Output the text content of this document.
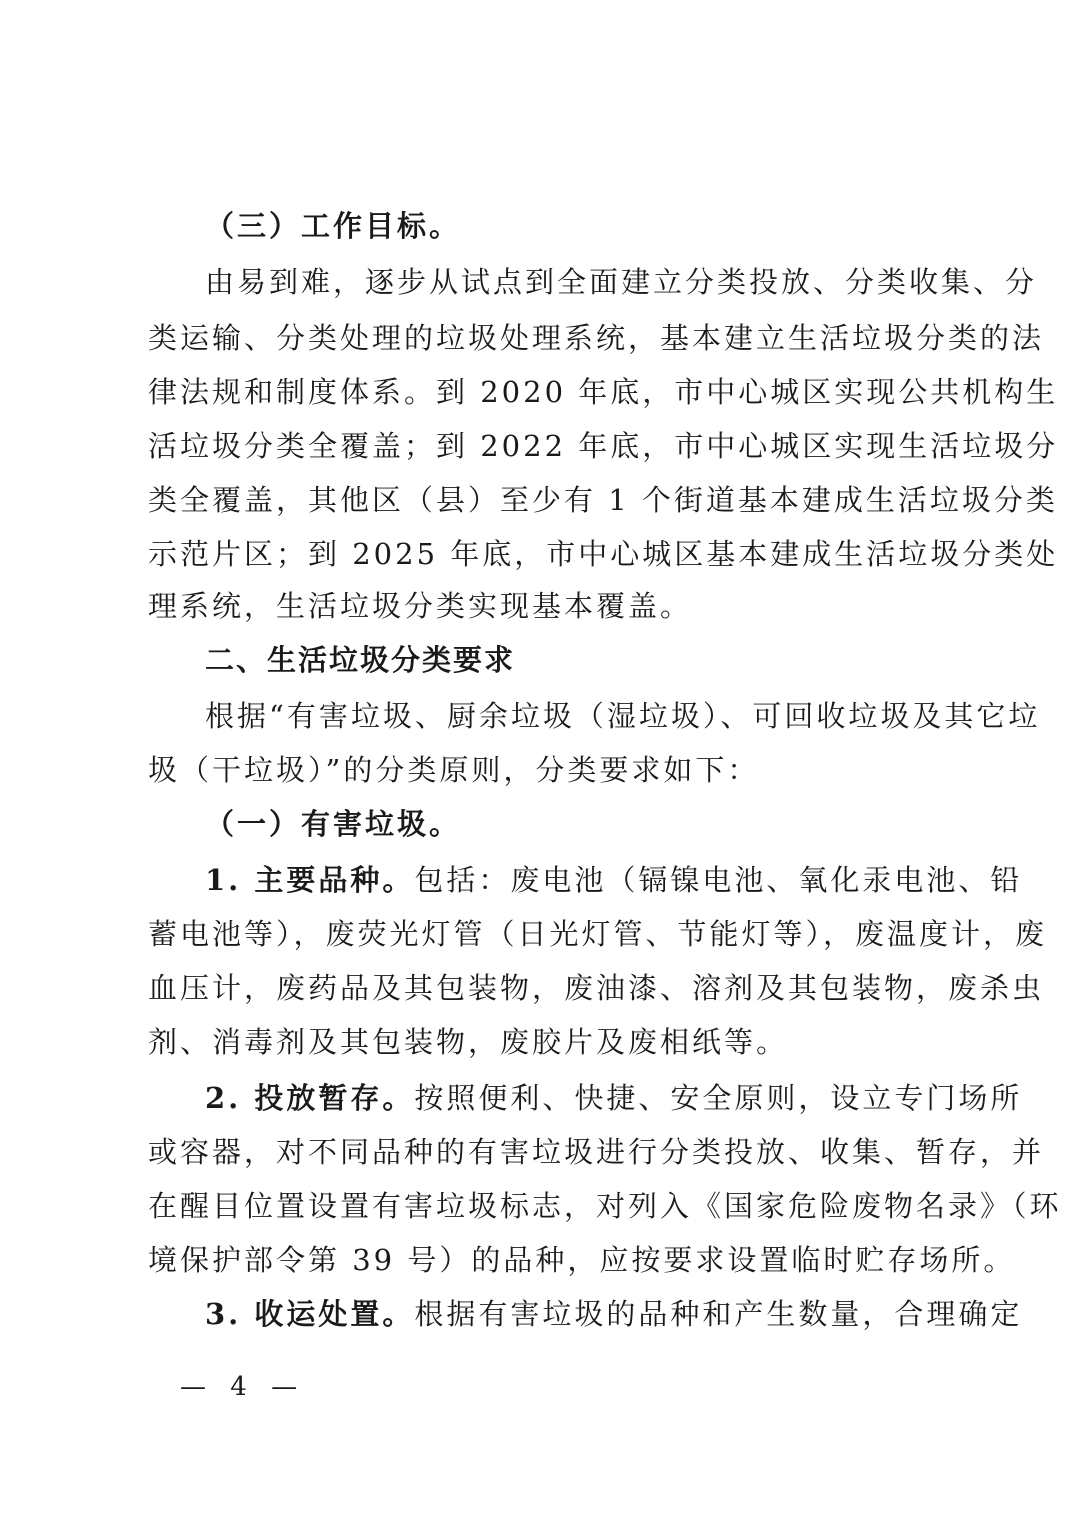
（三）工作目标。
由易到难，逐步从试点到全面建立分类投放、分类收集、分
类运输、分类处理的垃圾处理系统，基本建立生活垃圾分类的法
律法规和制度体系。到 2020 年底，市中心城区实现公共机构生
活垃圾分类全覆盖；到 2022 年底，市中心城区实现生活垃圾分
类全覆盖，其他区（县）至少有 1 个街道基本建成生活垃圾分类
示范片区；到 2025 年底，市中心城区基本建成生活垃圾分类处
理系统，生活垃圾分类实现基本覆盖。
二、生活垃圾分类要求
根据“有害垃圾、厨余垃圾（湿垃圾）、可回收垃圾及其它垃
圾（干垃圾）”的分类原则，分类要求如下：
（一）有害垃圾。
1. 主要品种。包括：废电池（镉镍电池、氧化汞电池、铅
蓄电池等），废荧光灯管（日光灯管、节能灯等），废温度计，废
血压计，废药品及其包装物，废油漆、溶剂及其包装物，废杀虫
剂、消毒剂及其包装物，废胶片及废相纸等。
2. 投放暂存。按照便利、快捷、安全原则，设立专门场所
或容器，对不同品种的有害垃圾进行分类投放、收集、暂存，并
在醒目位置设置有害垃圾标志，对列入《国家危险废物名录》（环
境保护部令第 39 号）的品种，应按要求设置临时贮存场所。
3. 收运处置。根据有害垃圾的品种和产生数量，合理确定
— 4 —
